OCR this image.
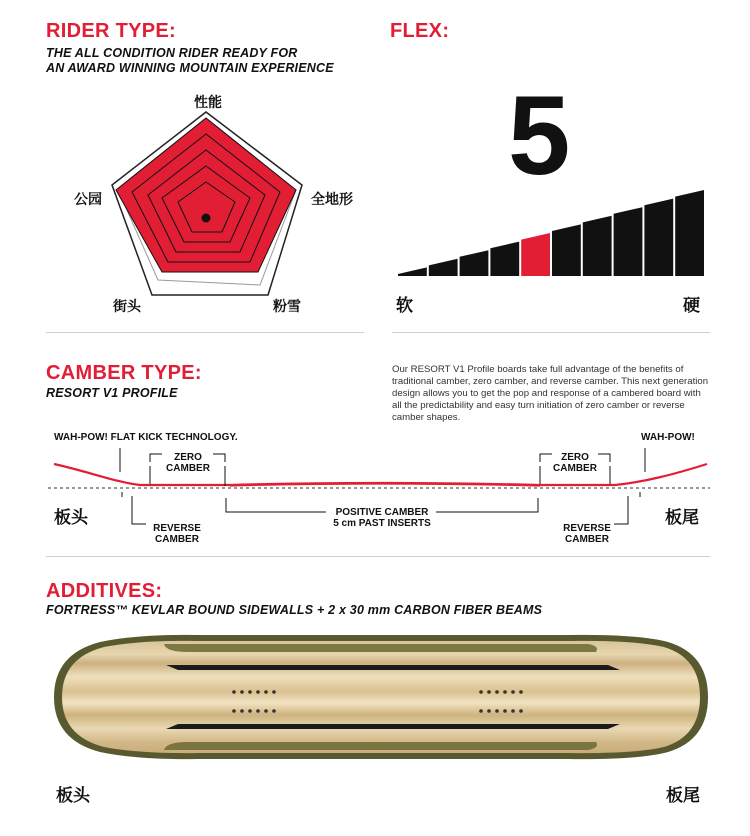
RIDER TYPE:
THE ALL CONDITION RIDER READY FOR
AN AWARD WINNING MOUNTAIN EXPERIENCE
性能
全地形
粉雪
街头
公园
FLEX:
5
软	硬
CAMBER TYPE:
RESORT V1 PROFILE
Our RESORT V1 Profile boards take full advantage of the benefits of
traditional camber, zero camber, and reverse camber. This next generation
design allows you to get the pop and response of a cambered board with
all the predictability and easy turn initiation of zero camber or reverse
camber shapes.
WAH-POW! FLAT KICK TECHNOLOGY.	WAH-POW!
ZERO
CAMBER
ZERO
CAMBER
REVERSE
CAMBER
REVERSE
CAMBER
POSITIVE CAMBER
5 cm PAST INSERTS
板头	板尾
ADDITIVES:
FORTRESS™ KEVLAR BOUND SIDEWALLS + 2 x 30 mm CARBON FIBER BEAMS
板头	板尾
